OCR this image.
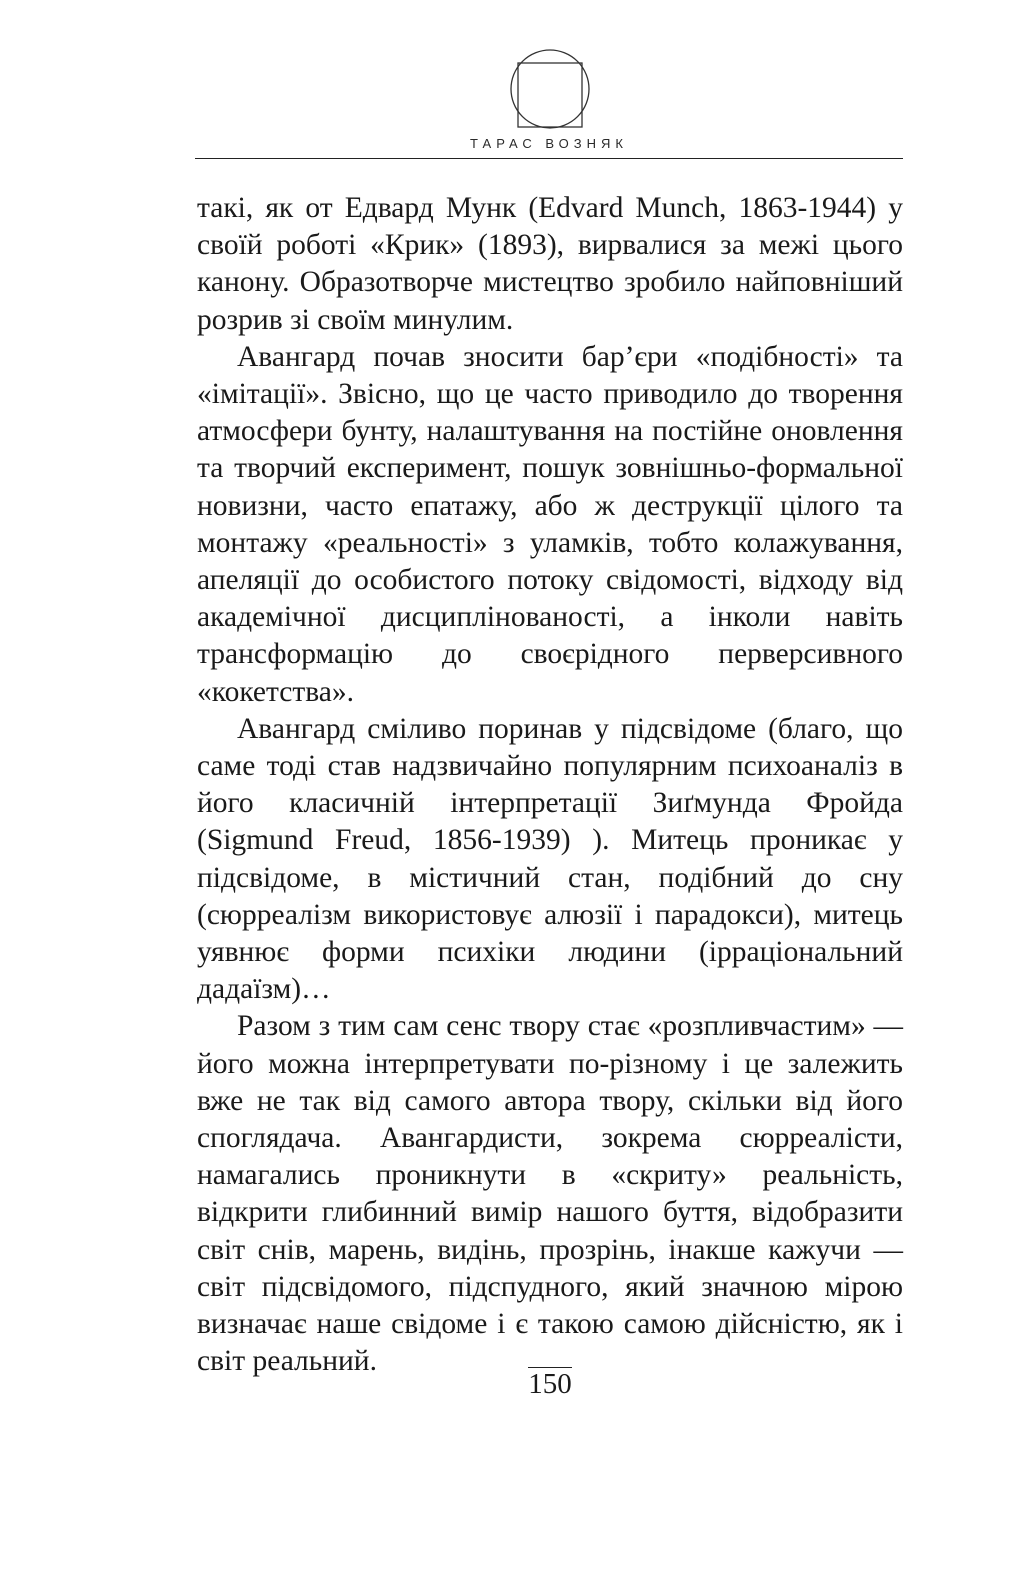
ТАРАС ВОЗНЯК

такі, як от Едвард Мунк (Edvard Munch, 1863-1944) у своїй роботі «Крик» (1893), вирвалися за межі цього канону. Образотворче мистецтво зробило найповніший розрив зі своїм минулим.

Авангард почав зносити бар’єри «подібності» та «імітації». Звісно, що це часто приводило до творення атмосфери бунту, налаштування на постійне оновлення та творчий експеримент, пошук зовнішньо-формальної новизни, часто епатажу, або ж деструкції цілого та монтажу «реальності» з уламків, тобто колажування, апеляції до особистого потоку свідомості, відходу від академічної дисциплінованості, а інколи навіть трансформацію до своєрідного перверсивного «кокетства».

Авангард сміливо поринав у підсвідоме (благо, що саме тоді став надзвичайно популярним психоаналіз в його класичній інтерпретації Зиґмунда Фройда (Sigmund Freud, 1856-1939) ). Митець проникає у підсвідоме, в містичний стан, подібний до сну (сюрреалізм використовує алюзії і парадокси), митець уявнює форми психіки людини (ірраціональний дадаїзм)…

Разом з тим сам сенс твору стає «розпливчастим» — його можна інтерпретувати по-різному і це залежить вже не так від самого автора твору, скільки від його споглядача. Авангардисти, зокрема сюрреалісти, намагались проникнути в «скриту» реальність, відкрити глибинний вимір нашого буття, відобразити світ снів, марень, видінь, прозрінь, інакше кажучи — світ підсвідомого, підспудного, який значною мірою визначає наше свідоме і є такою самою дійсністю, як і світ реальний.

150
